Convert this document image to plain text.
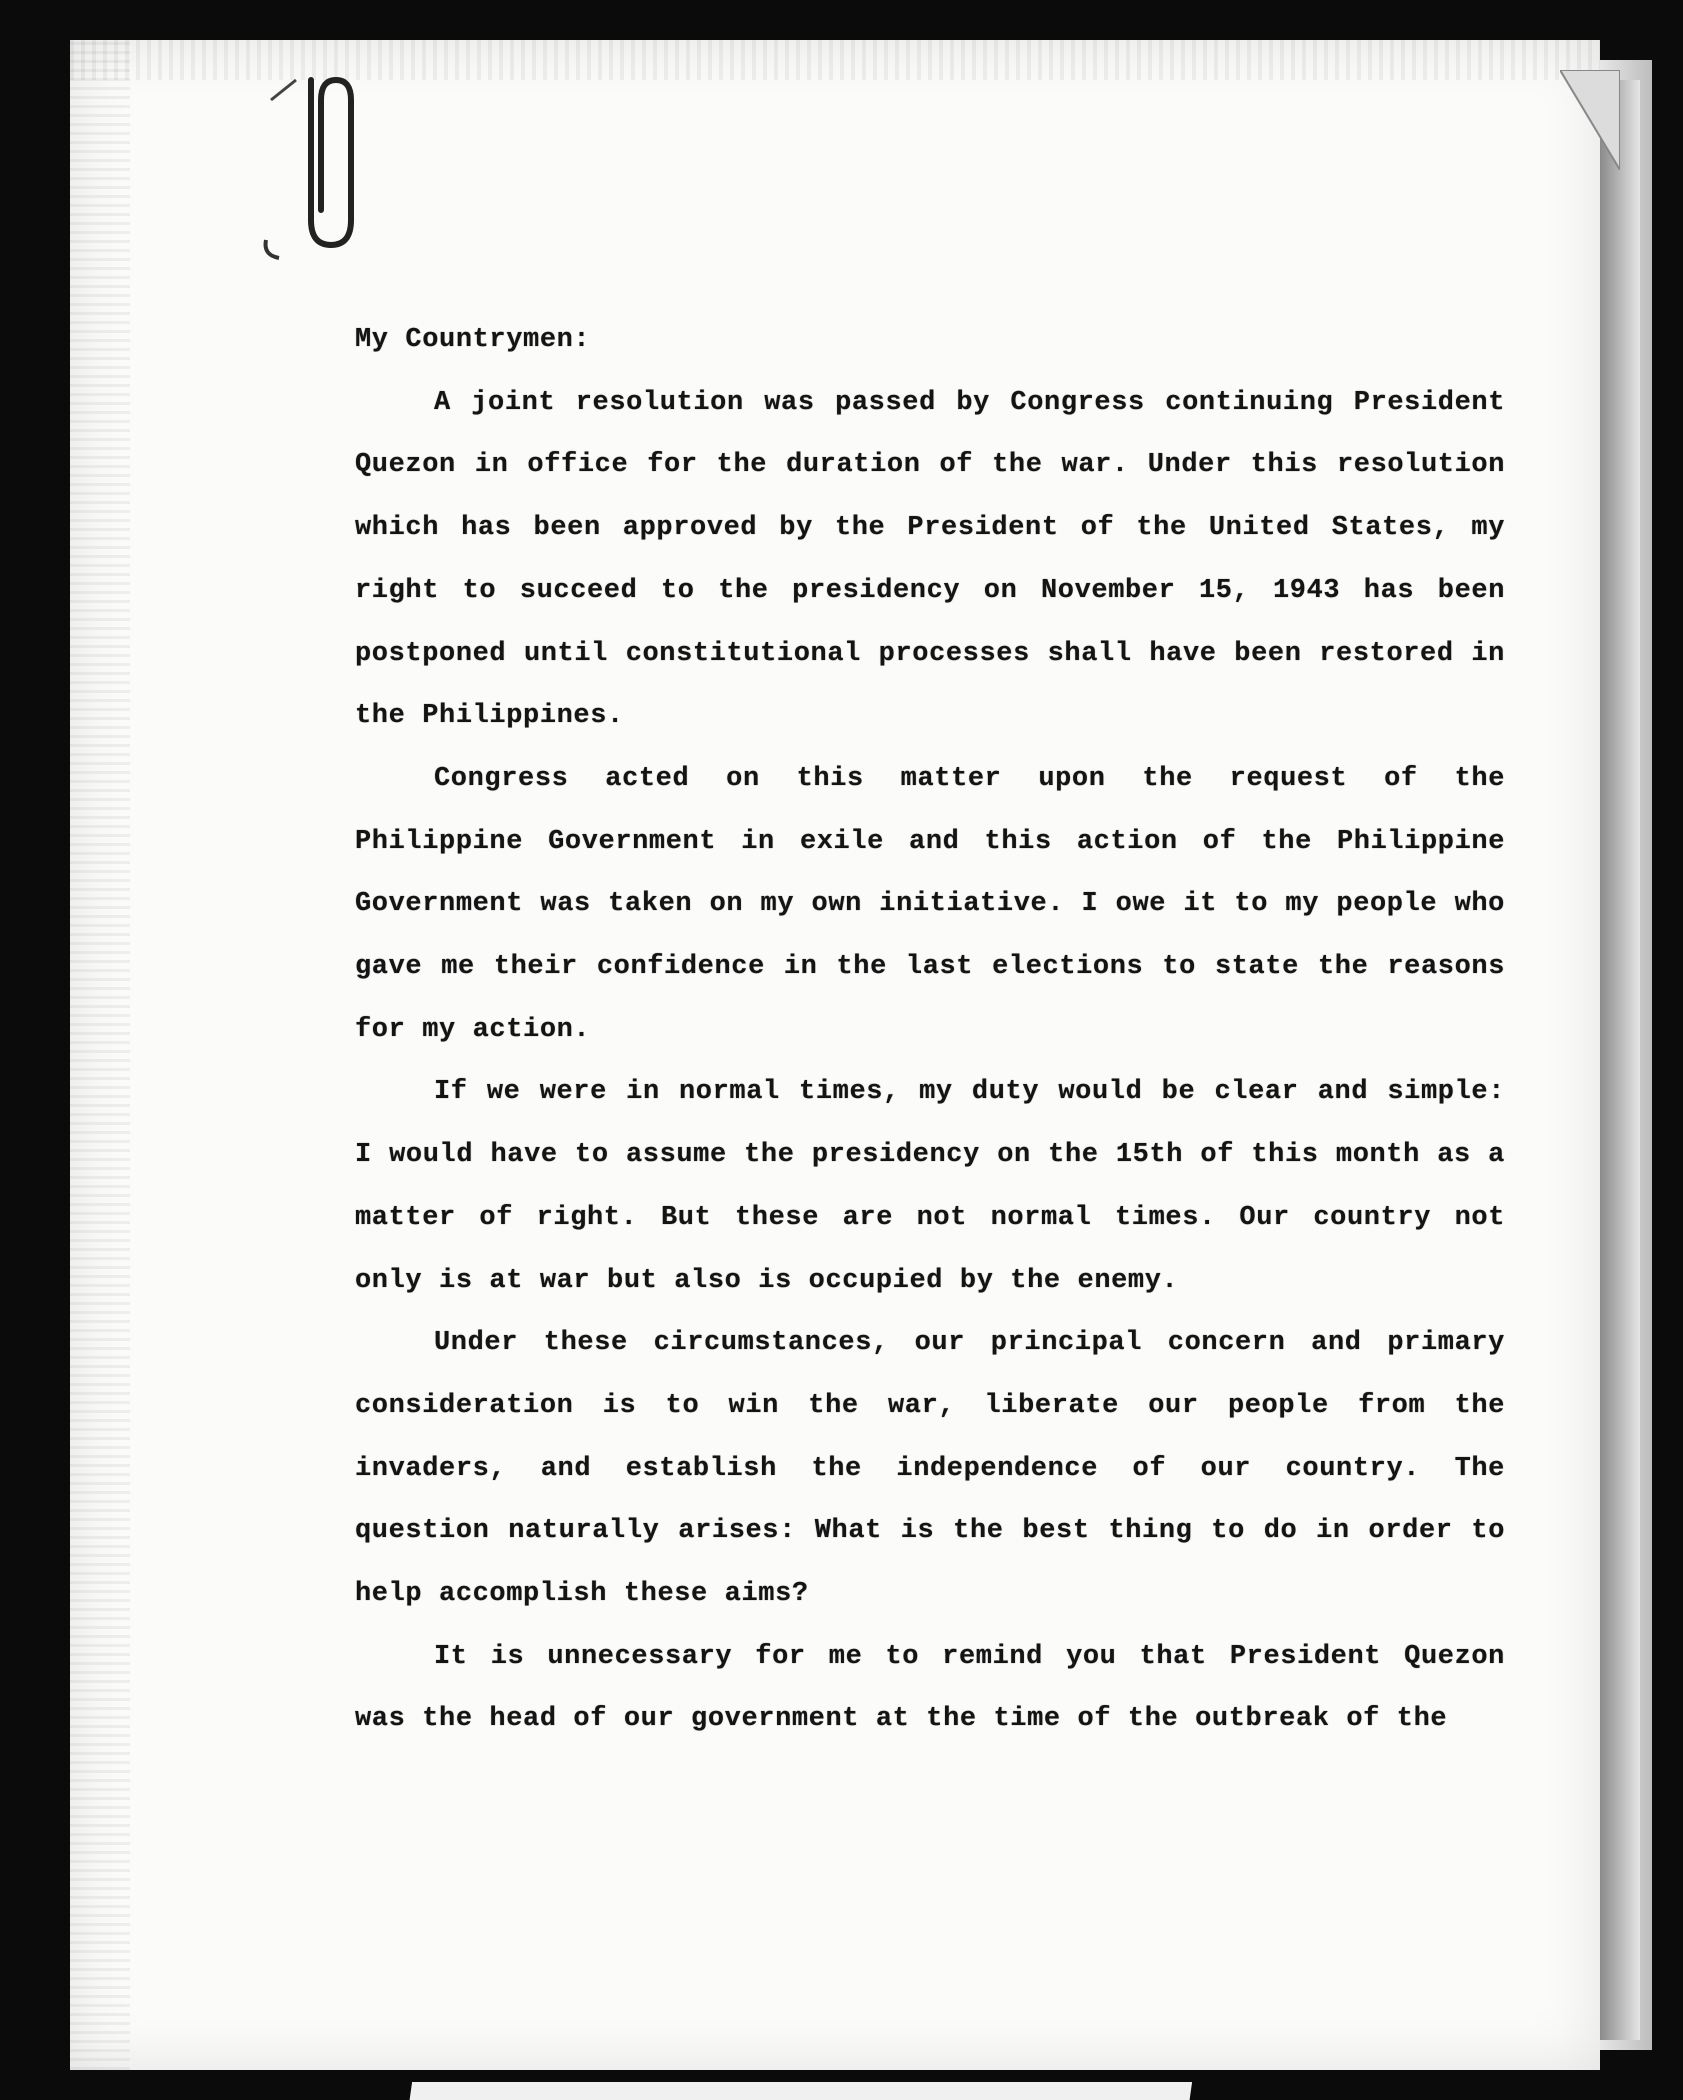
My Countrymen:

A joint resolution was passed by Congress continuing President Quezon in office for the duration of the war. Under this resolution which has been approved by the President of the United States, my right to succeed to the presidency on November 15, 1943 has been postponed until constitutional processes shall have been restored in the Philippines.

Congress acted on this matter upon the request of the Philippine Government in exile and this action of the Philippine Government was taken on my own initiative. I owe it to my people who gave me their confidence in the last elections to state the reasons for my action.

If we were in normal times, my duty would be clear and simple: I would have to assume the presidency on the 15th of this month as a matter of right. But these are not normal times. Our country not only is at war but also is occupied by the enemy.

Under these circumstances, our principal concern and primary consideration is to win the war, liberate our people from the invaders, and establish the independence of our country. The question naturally arises: What is the best thing to do in order to help accomplish these aims?

It is unnecessary for me to remind you that President Quezon was the head of our government at the time of the outbreak of the
